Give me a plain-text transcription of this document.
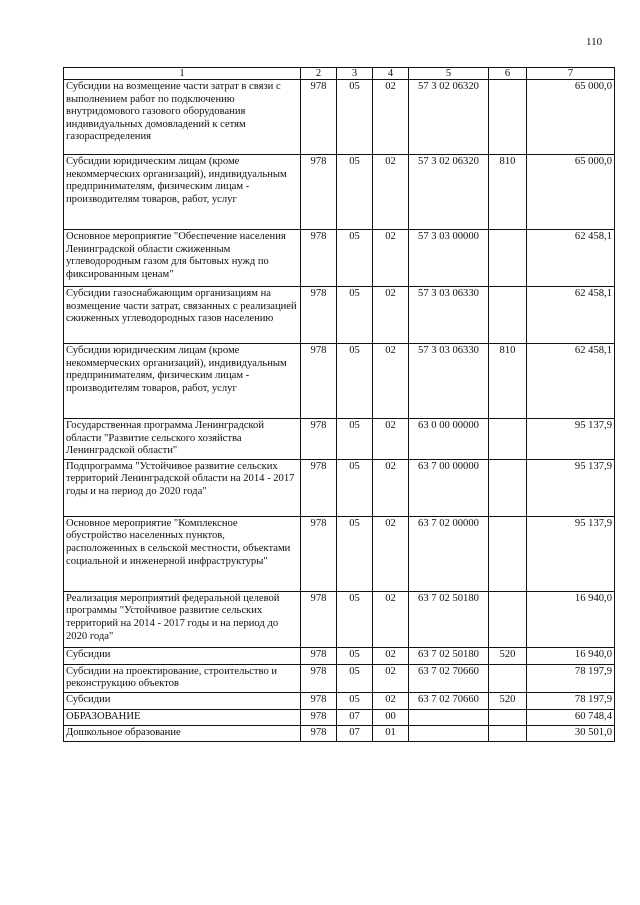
110
1	2	3	4	5	6	7
Субсидии на возмещение части затрат в связи с выполнением работ по подключению внутридомового газового оборудования индивидуальных домовладений к сетям газораспределения	978	05	02	57 3 02 06320		65 000,0
Субсидии юридическим лицам (кроме некоммерческих организаций), индивидуальным предпринимателям, физическим лицам - производителям товаров, работ, услуг	978	05	02	57 3 02 06320	810	65 000,0
Основное мероприятие "Обеспечение населения Ленинградской области сжиженным углеводородным газом для бытовых нужд по фиксированным ценам"	978	05	02	57 3 03 00000		62 458,1
Субсидии газоснабжающим организациям на возмещение части затрат, связанных с реализацией сжиженных углеводородных газов населению	978	05	02	57 3 03 06330		62 458,1
Субсидии юридическим лицам (кроме некоммерческих организаций), индивидуальным предпринимателям, физическим лицам - производителям товаров, работ, услуг	978	05	02	57 3 03 06330	810	62 458,1
Государственная программа Ленинградской области "Развитие сельского хозяйства Ленинградской области"	978	05	02	63 0 00 00000		95 137,9
Подпрограмма "Устойчивое развитие сельских территорий Ленинградской области на 2014 - 2017 годы и на период до 2020 года"	978	05	02	63 7 00 00000		95 137,9
Основное мероприятие "Комплексное обустройство населенных пунктов, расположенных в сельской местности, объектами социальной и инженерной инфраструктуры"	978	05	02	63 7 02 00000		95 137,9
Реализация мероприятий федеральной целевой программы "Устойчивое развитие сельских территорий на 2014 - 2017 годы и на период до 2020 года"	978	05	02	63 7 02 50180		16 940,0
Субсидии	978	05	02	63 7 02 50180	520	16 940,0
Субсидии на проектирование, строительство и реконструкцию объектов	978	05	02	63 7 02 70660		78 197,9
Субсидии	978	05	02	63 7 02 70660	520	78 197,9
ОБРАЗОВАНИЕ	978	07	00			60 748,4
Дошкольное образование	978	07	01			30 501,0
